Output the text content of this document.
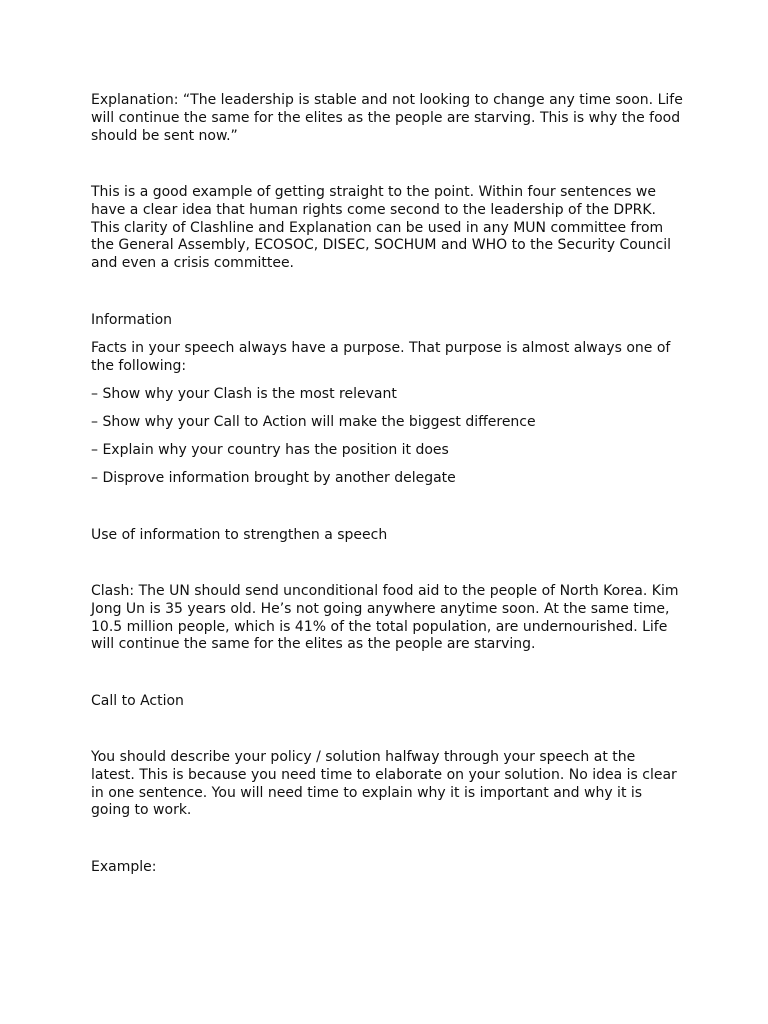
Explanation: “The leadership is stable and not looking to change any time soon. Life will continue the same for the elites as the people are starving. This is why the food should be sent now.”

This is a good example of getting straight to the point. Within four sentences we have a clear idea that human rights come second to the leadership of the DPRK. This clarity of Clashline and Explanation can be used in any MUN committee from the General Assembly, ECOSOC, DISEC, SOCHUM and WHO to the Security Council and even a crisis committee.

Information

Facts in your speech always have a purpose. That purpose is almost always one of the following:

– Show why your Clash is the most relevant

– Show why your Call to Action will make the biggest difference

– Explain why your country has the position it does

– Disprove information brought by another delegate

Use of information to strengthen a speech

Clash: The UN should send unconditional food aid to the people of North Korea. Kim Jong Un is 35 years old. He’s not going anywhere anytime soon. At the same time, 10.5 million people, which is 41% of the total population, are undernourished. Life will continue the same for the elites as the people are starving.

Call to Action

You should describe your policy / solution halfway through your speech at the latest. This is because you need time to elaborate on your solution. No idea is clear in one sentence. You will need time to explain why it is important and why it is going to work.

Example:
